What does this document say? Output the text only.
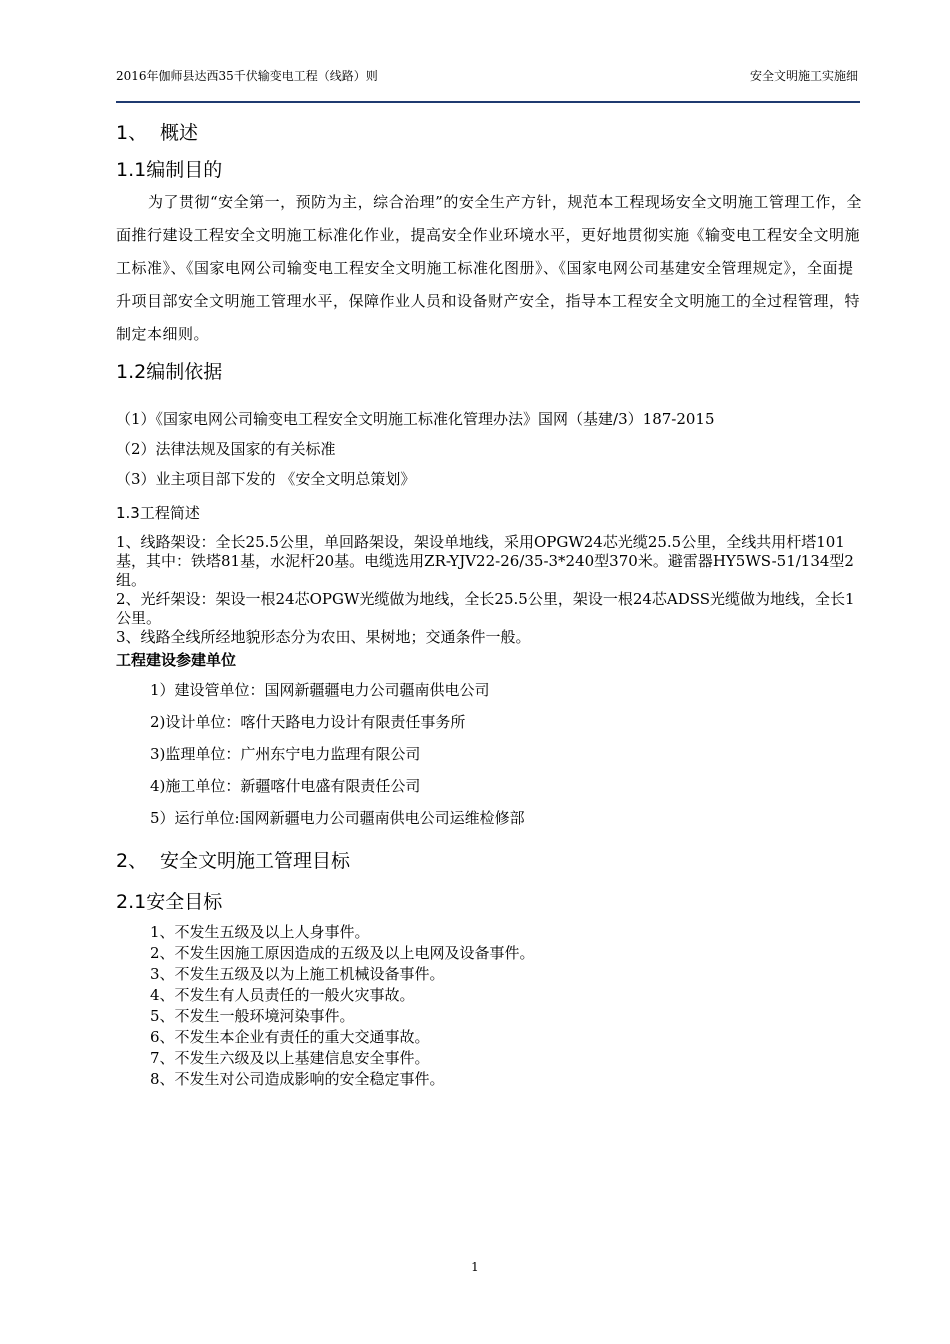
2016年伽师县达西35千伏输变电工程（线路）则	安全文明施工实施细

1、 概述

1.1编制目的

为了贯彻“安全第一，预防为主，综合治理”的安全生产方针，规范本工程现场安全文明施工管理工作，全面推行建设工程安全文明施工标准化作业，提高安全作业环境水平，更好地贯彻实施《输变电工程安全文明施工标准》、《国家电网公司输变电工程安全文明施工标准化图册》、《国家电网公司基建安全管理规定》，全面提升项目部安全文明施工管理水平，保障作业人员和设备财产安全，指导本工程安全文明施工的全过程管理，特制定本细则。

1.2编制依据

（1）《国家电网公司输变电工程安全文明施工标准化管理办法》国网（基建/3）187-2015

（2）法律法规及国家的有关标准

（3）业主项目部下发的 《安全文明总策划》

1.3工程简述

1、线路架设：全长25.5公里，单回路架设，架设单地线，采用OPGW24芯光缆25.5公里，全线共用杆塔101基，其中：铁塔81基，水泥杆20基。电缆选用ZR-YJV22-26/35-3*240型370米。避雷器HY5WS-51/134型2组。

2、光纤架设：架设一根24芯OPGW光缆做为地线，全长25.5公里，架设一根24芯ADSS光缆做为地线，全长1公里。

3、线路全线所经地貌形态分为农田、果树地；交通条件一般。

工程建设参建单位

1）建设管单位：国网新疆疆电力公司疆南供电公司

2)设计单位：喀什天路电力设计有限责任事务所

3)监理单位：广州东宁电力监理有限公司

4)施工单位：新疆喀什电盛有限责任公司

5）运行单位:国网新疆电力公司疆南供电公司运维检修部

2、 安全文明施工管理目标

2.1安全目标

1、不发生五级及以上人身事件。

2、不发生因施工原因造成的五级及以上电网及设备事件。

3、不发生五级及以为上施工机械设备事件。

4、不发生有人员责任的一般火灾事故。

5、不发生一般环境河染事件。

6、不发生本企业有责任的重大交通事故。

7、不发生六级及以上基建信息安全事件。

8、不发生对公司造成影响的安全稳定事件。

1
